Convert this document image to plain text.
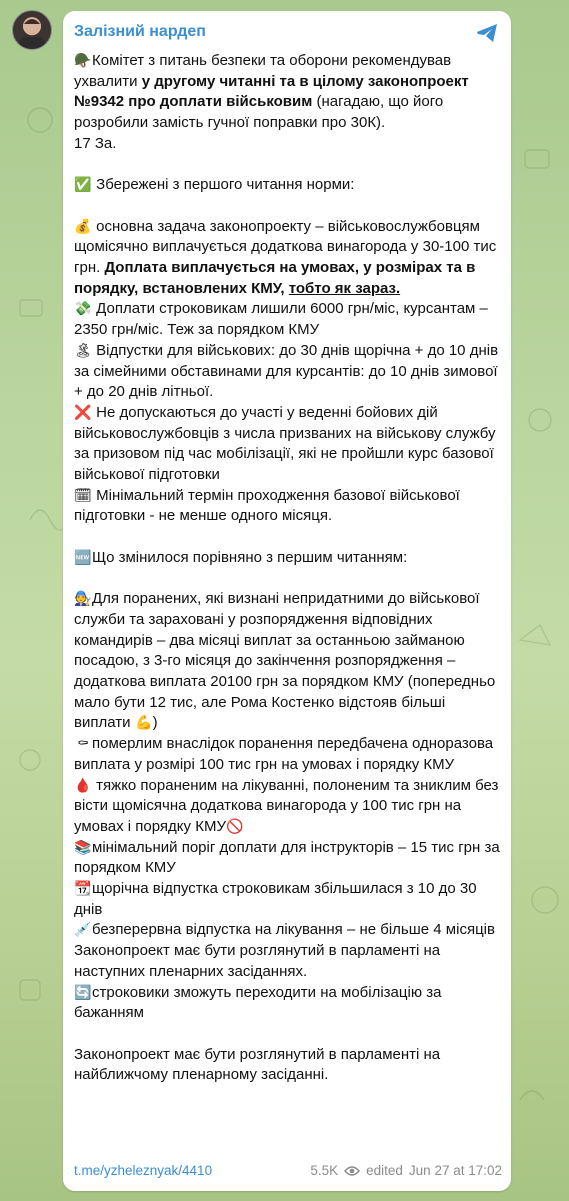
Залізний нардеп

🪖Комітет з питань безпеки та оборони рекомендував ухвалити у другому читанні та в цілому законопроект №9342 про доплати військовим (нагадаю, що його розробили замість гучної поправки про 30К).

17 За.

✅ Збережені з першого читання норми:

💰 основна задача законопроекту – військовослужбовцям щомісячно виплачується додаткова винагорода у 30-100 тис грн. Доплата виплачується на умовах, у розмірах та в порядку, встановлених КМУ, тобто як зараз.

💸 Доплати строковикам лишили 6000 грн/міс, курсантам – 2350 грн/міс. Теж за порядком КМУ

🏝 Відпустки для військових: до 30 днів щорічна + до 10 днів за сімейними обставинами для курсантів: до 10 днів зимової + до 20 днів літньої.

❌ Не допускаються до участі у веденні бойових дій військовослужбовців з числа призваних на військову службу за призовом під час мобілізації, які не пройшли курс базової військової підготовки

🗓 Мінімальний термін проходження базової військової підготовки - не менше одного місяця.

🆕Що змінилося порівняно з першим читанням:

🧑‍🔧Для поранених, які визнані непридатними до військової служби та зараховані у розпорядження відповідних командирів – два місяці виплат за останньою займаною посадою, з 3-го місяця до закінчення розпорядження – додаткова виплата 20100 грн за порядком КМУ (попередньо мало бути 12 тис, але Рома Костенко відстояв більші виплати 💪)

⚰ померлим внаслідок поранення передбачена одноразова виплата у розмірі 100 тис грн на умовах і порядку КМУ

🩸 тяжко пораненим на лікуванні, полоненим та зниклим без вісти щомісячна додаткова винагорода у 100 тис грн на умовах і порядку КМУ🚫

📚мінімальний поріг доплати для інструкторів – 15 тис грн за порядком КМУ

📆щорічна відпустка строковикам збільшилася з 10 до 30 днів

💉безперервна відпустка на лікування – не більше 4 місяців

Законопроект має бути розглянутий в парламенті на наступних пленарних засіданнях.

🔄строковики зможуть переходити на мобілізацію за бажанням

Законопроект має бути розглянутий в парламенті на найближчому пленарному засіданні.

t.me/yzheleznyak/4410	5.5K edited Jun 27 at 17:02
